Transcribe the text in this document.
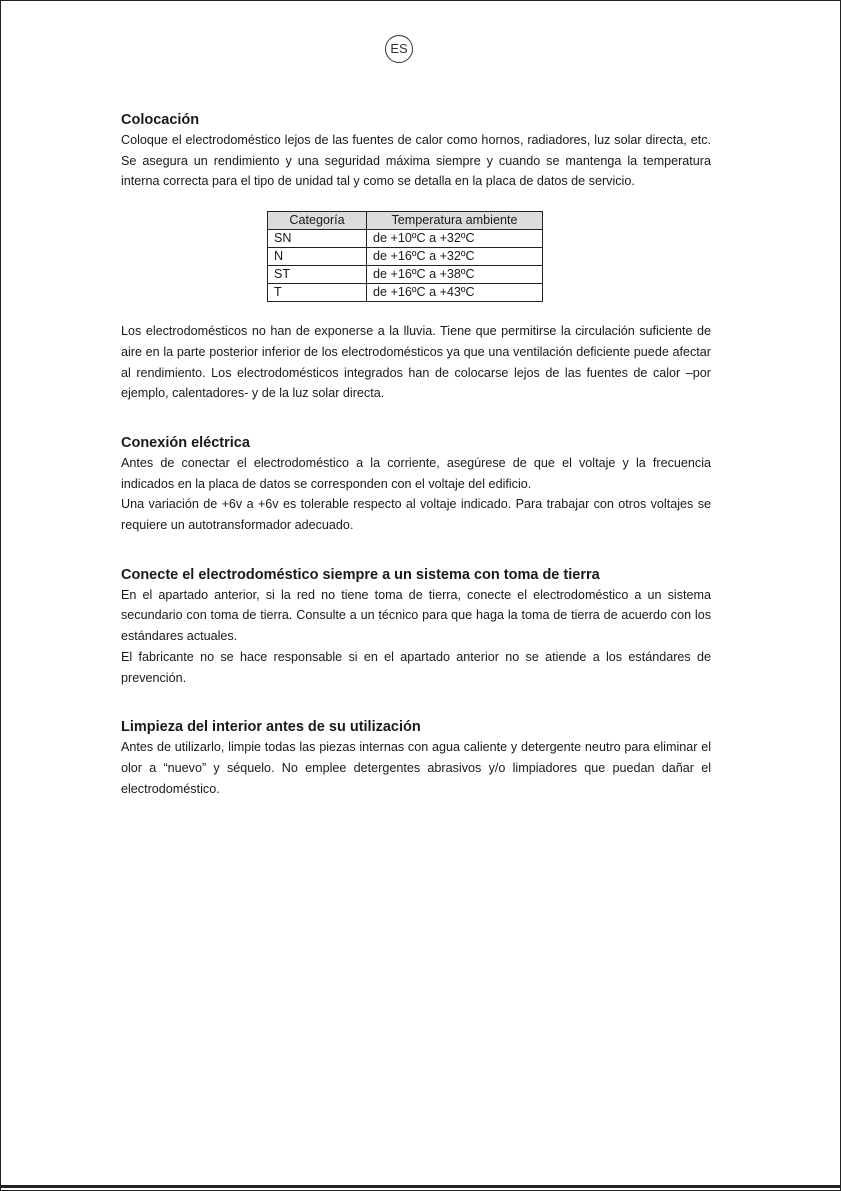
ES
Colocación

Coloque el electrodoméstico lejos de las fuentes de calor como hornos, radiadores, luz solar directa, etc. Se asegura un rendimiento y una seguridad máxima siempre y cuando se mantenga la temperatura interna correcta para el tipo de unidad tal y como se detalla en la placa de datos de servicio.

Categoría	Temperatura ambiente
SN	de +10ºC a +32ºC
N	de +16ºC a +32ºC
ST	de +16ºC a +38ºC
T	de +16ºC a +43ºC

Los electrodomésticos no han de exponerse a la lluvia. Tiene que permitirse la circulación suficiente de aire en la parte posterior inferior de los electrodomésticos ya que una ventilación deficiente puede afectar al rendimiento. Los electrodomésticos integrados han de colocarse lejos de las fuentes de calor –por ejemplo, calentadores- y de la luz solar directa.

Conexión eléctrica

Antes de conectar el electrodoméstico a la corriente, asegúrese de que el voltaje y la frecuencia indicados en la placa de datos se corresponden con el voltaje del edificio.

Una variación de +6v a +6v es tolerable respecto al voltaje indicado. Para trabajar con otros voltajes se requiere un autotransformador adecuado.

Conecte el electrodoméstico siempre a un sistema con toma de tierra

En el apartado anterior, si la red no tiene toma de tierra, conecte el electrodoméstico a un sistema secundario con toma de tierra. Consulte a un técnico para que haga la toma de tierra de acuerdo con los estándares actuales.

El fabricante no se hace responsable si en el apartado anterior no se atiende a los estándares de prevención.

Limpieza del interior antes de su utilización

Antes de utilizarlo, limpie todas las piezas internas con agua caliente y detergente neutro para eliminar el olor a “nuevo” y séquelo. No emplee detergentes abrasivos y/o limpiadores que puedan dañar el electrodoméstico.
